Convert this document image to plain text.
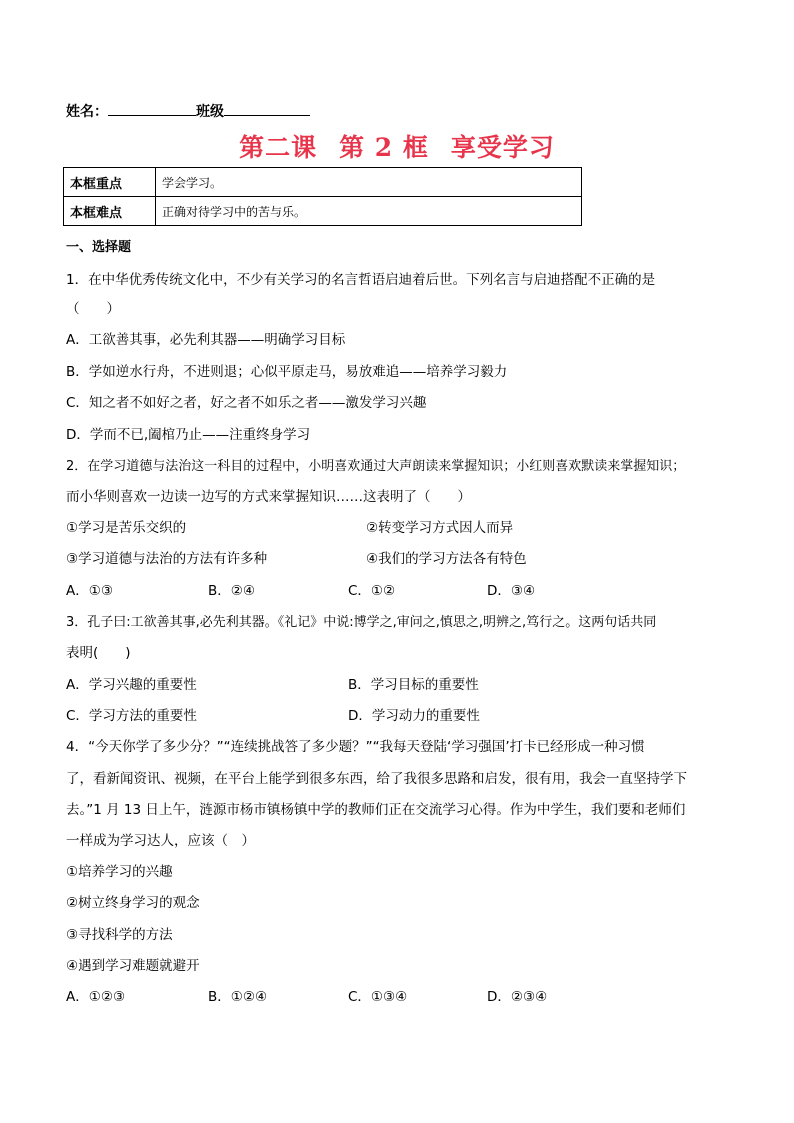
姓名：	班级
第二课 第 2 框 享受学习
本框重点	学会学习。
本框难点	正确对待学习中的苦与乐。
一、选择题
1．在中华优秀传统文化中，不少有关学习的名言哲语启迪着后世。下列名言与启迪搭配不正确的是
（　　）
A．工欲善其事，必先利其器——明确学习目标
B．学如逆水行舟，不进则退；心似平原走马，易放难追——培养学习毅力
C．知之者不如好之者，好之者不如乐之者——激发学习兴趣
D．学而不已,阖棺乃止——注重终身学习
2．在学习道德与法治这一科目的过程中，小明喜欢通过大声朗读来掌握知识；小红则喜欢默读来掌握知识；
而小华则喜欢一边读一边写的方式来掌握知识……这表明了（　　）
①学习是苦乐交织的	②转变学习方式因人而异
③学习道德与法治的方法有许多种	④我们的学习方法各有特色
A．①③	B．②④	C．①②	D．③④
3．孔子曰:工欲善其事,必先利其器。《礼记》中说:博学之,审问之,慎思之,明辨之,笃行之。这两句话共同
表明(　　)
A．学习兴趣的重要性	B．学习目标的重要性
C．学习方法的重要性	D．学习动力的重要性
4．“今天你学了多少分？”“连续挑战答了多少题？”“我每天登陆‘学习强国’打卡已经形成一种习惯
了，看新闻资讯、视频，在平台上能学到很多东西，给了我很多思路和启发，很有用，我会一直坚持学下
去。”1 月 13 日上午，涟源市杨市镇杨镇中学的教师们正在交流学习心得。作为中学生，我们要和老师们
一样成为学习达人，应该（　）
①培养学习的兴趣
②树立终身学习的观念
③寻找科学的方法
④遇到学习难题就避开
A．①②③	B．①②④	C．①③④	D．②③④
